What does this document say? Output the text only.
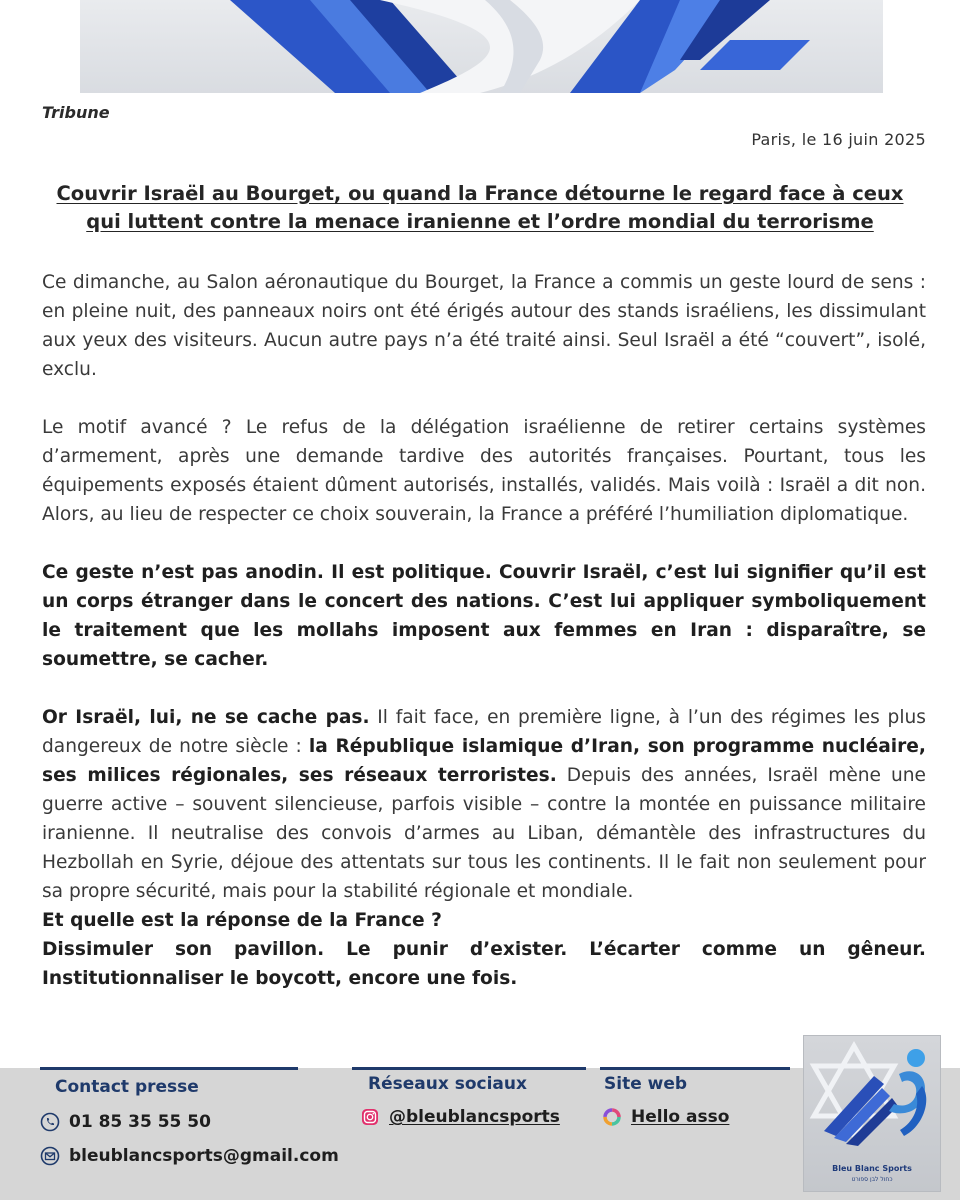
Tribune
Paris, le 16 juin 2025
Couvrir Israël au Bourget, ou quand la France détourne le regard face à ceux qui luttent contre la menace iranienne et l’ordre mondial du terrorisme

Ce dimanche, au Salon aéronautique du Bourget, la France a commis un geste lourd de sens : en pleine nuit, des panneaux noirs ont été érigés autour des stands israéliens, les dissimulant aux yeux des visiteurs. Aucun autre pays n’a été traité ainsi. Seul Israël a été “couvert”, isolé, exclu.

Le motif avancé ? Le refus de la délégation israélienne de retirer certains systèmes d’armement, après une demande tardive des autorités françaises. Pourtant, tous les équipements exposés étaient dûment autorisés, installés, validés. Mais voilà : Israël a dit non. Alors, au lieu de respecter ce choix souverain, la France a préféré l’humiliation diplomatique.

Ce geste n’est pas anodin. Il est politique. Couvrir Israël, c’est lui signifier qu’il est un corps étranger dans le concert des nations. C’est lui appliquer symboliquement le traitement que les mollahs imposent aux femmes en Iran : disparaître, se soumettre, se cacher.

Or Israël, lui, ne se cache pas. Il fait face, en première ligne, à l’un des régimes les plus dangereux de notre siècle : la République islamique d’Iran, son programme nucléaire, ses milices régionales, ses réseaux terroristes. Depuis des années, Israël mène une guerre active – souvent silencieuse, parfois visible – contre la montée en puissance militaire iranienne. Il neutralise des convois d’armes au Liban, démantèle des infrastructures du Hezbollah en Syrie, déjoue des attentats sur tous les continents. Il le fait non seulement pour sa propre sécurité, mais pour la stabilité régionale et mondiale.

Et quelle est la réponse de la France ?

Dissimuler son pavillon. Le punir d’exister. L’écarter comme un gêneur. Institutionnaliser le boycott, encore une fois.

Contact presse	Réseaux sociaux	Site web
01 85 35 55 50
bleublancsports@gmail.com
@bleublancsports	Hello asso
Bleu Blanc Sports
כחול לבן ספורט
